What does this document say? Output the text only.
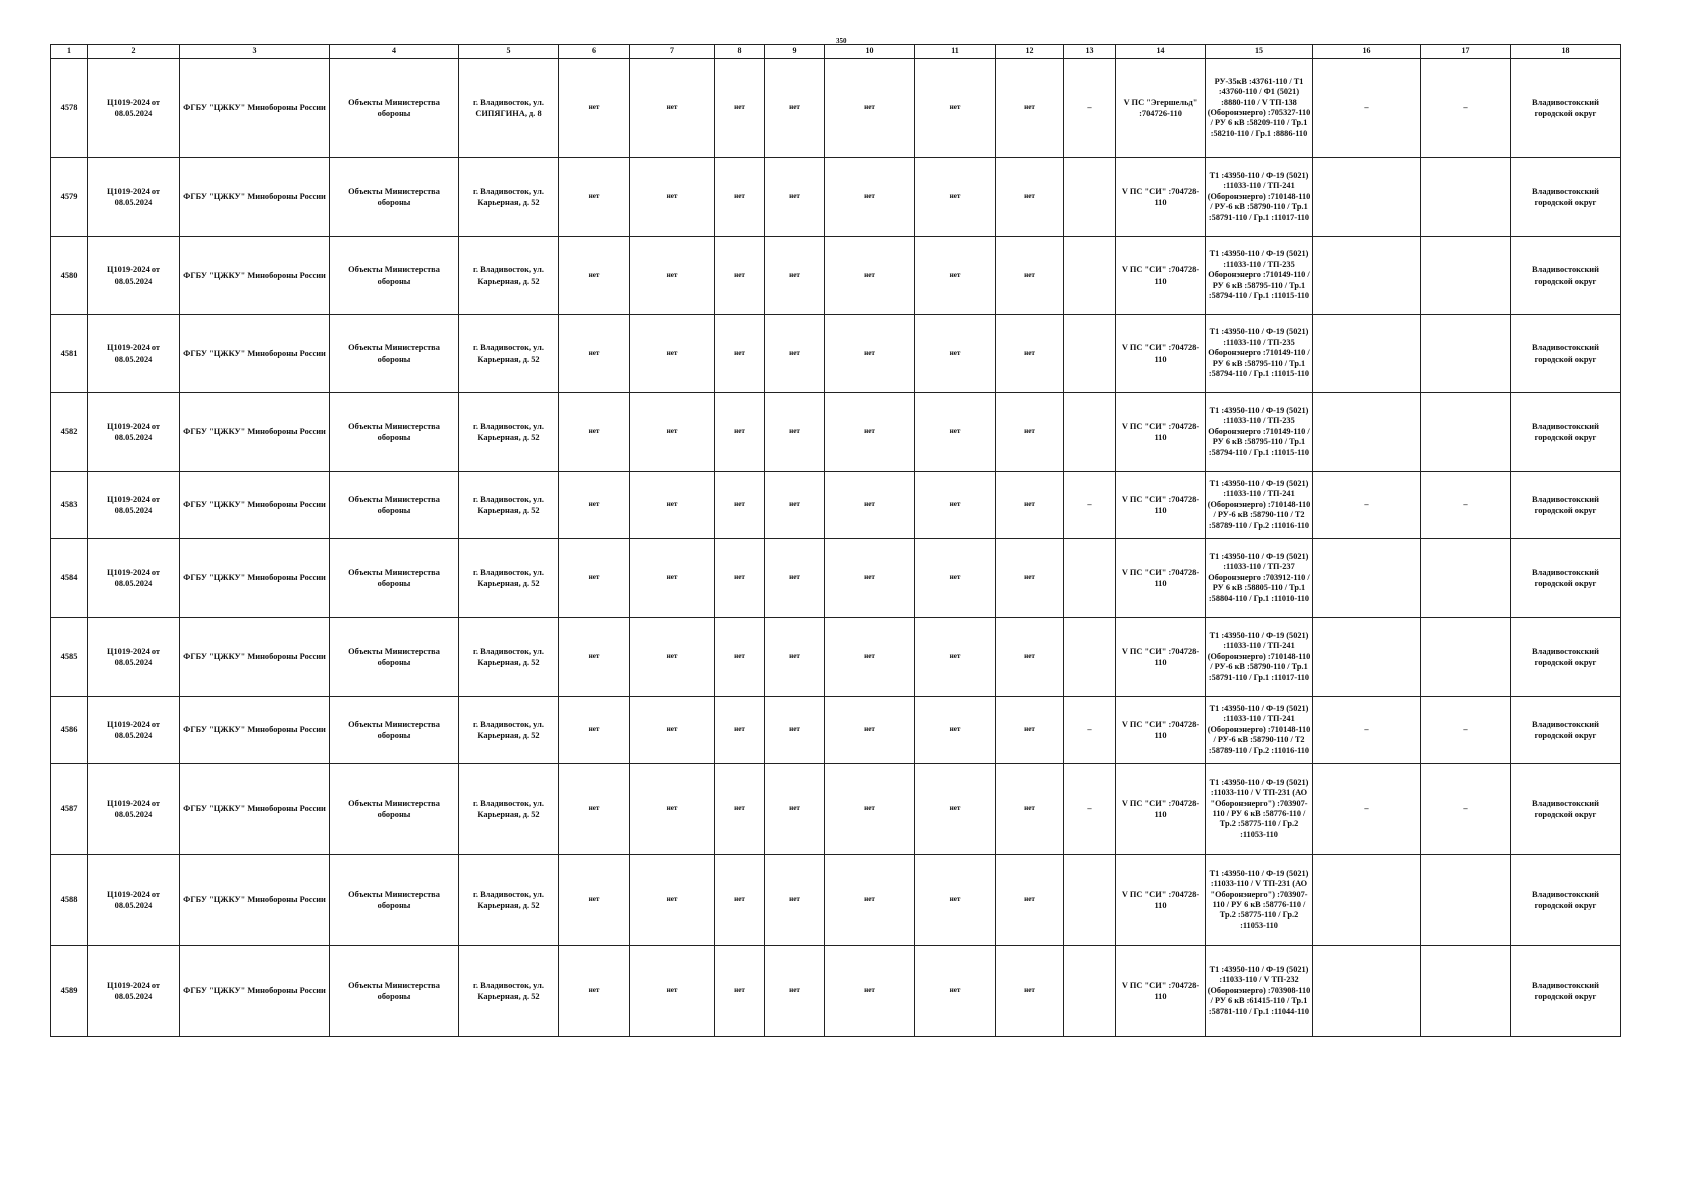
350
1	2	3	4	5	6	7	8	9	10	11	12	13	14	15	16	17	18
4578	Ц1019-2024 от 08.05.2024	ФГБУ "ЦЖКУ" Минобороны России	Объекты Министерства обороны	г. Владивосток, ул. СИПЯГИНА, д. 8	нет	нет	нет	нет	нет	нет	нет	–	V ПС "Эгершельд" :704726-110	РУ-35кВ :43761-110 / Т1 :43760-110 / Ф1 (5021) :8880-110 / V ТП-138 (Оборонэнерго) :705327-110 / РУ 6 кВ :58209-110 / Тр.1 :58210-110 / Гр.1 :8886-110	–	–	Владивостокский городской округ
4579	Ц1019-2024 от 08.05.2024	ФГБУ "ЦЖКУ" Минобороны России	Объекты Министерства обороны	г. Владивосток, ул. Карьерная, д. 52	нет	нет	нет	нет	нет	нет	нет		V ПС "СИ" :704728-110	Т1 :43950-110 / Ф-19 (5021) :11033-110 / ТП-241 (Оборонэнерго) :710148-110 / РУ-6 кВ :58790-110 / Тр.1 :58791-110 / Гр.1 :11017-110			Владивостокский городской округ
4580	Ц1019-2024 от 08.05.2024	ФГБУ "ЦЖКУ" Минобороны России	Объекты Министерства обороны	г. Владивосток, ул. Карьерная, д. 52	нет	нет	нет	нет	нет	нет	нет		V ПС "СИ" :704728-110	Т1 :43950-110 / Ф-19 (5021) :11033-110 / ТП-235 Оборонэнерго :710149-110 / РУ 6 кВ :58795-110 / Тр.1 :58794-110 / Гр.1 :11015-110			Владивостокский городской округ
4581	Ц1019-2024 от 08.05.2024	ФГБУ "ЦЖКУ" Минобороны России	Объекты Министерства обороны	г. Владивосток, ул. Карьерная, д. 52	нет	нет	нет	нет	нет	нет	нет		V ПС "СИ" :704728-110	Т1 :43950-110 / Ф-19 (5021) :11033-110 / ТП-235 Оборонэнерго :710149-110 / РУ 6 кВ :58795-110 / Тр.1 :58794-110 / Гр.1 :11015-110			Владивостокский городской округ
4582	Ц1019-2024 от 08.05.2024	ФГБУ "ЦЖКУ" Минобороны России	Объекты Министерства обороны	г. Владивосток, ул. Карьерная, д. 52	нет	нет	нет	нет	нет	нет	нет		V ПС "СИ" :704728-110	Т1 :43950-110 / Ф-19 (5021) :11033-110 / ТП-235 Оборонэнерго :710149-110 / РУ 6 кВ :58795-110 / Тр.1 :58794-110 / Гр.1 :11015-110			Владивостокский городской округ
4583	Ц1019-2024 от 08.05.2024	ФГБУ "ЦЖКУ" Минобороны России	Объекты Министерства обороны	г. Владивосток, ул. Карьерная, д. 52	нет	нет	нет	нет	нет	нет	нет	–	V ПС "СИ" :704728-110	Т1 :43950-110 / Ф-19 (5021) :11033-110 / ТП-241 (Оборонэнерго) :710148-110 / РУ-6 кВ :58790-110 / Т2 :58789-110 / Гр.2 :11016-110	–	–	Владивостокский городской округ
4584	Ц1019-2024 от 08.05.2024	ФГБУ "ЦЖКУ" Минобороны России	Объекты Министерства обороны	г. Владивосток, ул. Карьерная, д. 52	нет	нет	нет	нет	нет	нет	нет		V ПС "СИ" :704728-110	Т1 :43950-110 / Ф-19 (5021) :11033-110 / ТП-237 Оборонэнерго :703912-110 / РУ 6 кВ :58805-110 / Тр.1 :58804-110 / Гр.1 :11010-110			Владивостокский городской округ
4585	Ц1019-2024 от 08.05.2024	ФГБУ "ЦЖКУ" Минобороны России	Объекты Министерства обороны	г. Владивосток, ул. Карьерная, д. 52	нет	нет	нет	нет	нет	нет	нет		V ПС "СИ" :704728-110	Т1 :43950-110 / Ф-19 (5021) :11033-110 / ТП-241 (Оборонэнерго) :710148-110 / РУ-6 кВ :58790-110 / Тр.1 :58791-110 / Гр.1 :11017-110			Владивостокский городской округ
4586	Ц1019-2024 от 08.05.2024	ФГБУ "ЦЖКУ" Минобороны России	Объекты Министерства обороны	г. Владивосток, ул. Карьерная, д. 52	нет	нет	нет	нет	нет	нет	нет	–	V ПС "СИ" :704728-110	Т1 :43950-110 / Ф-19 (5021) :11033-110 / ТП-241 (Оборонэнерго) :710148-110 / РУ-6 кВ :58790-110 / Т2 :58789-110 / Гр.2 :11016-110	–	–	Владивостокский городской округ
4587	Ц1019-2024 от 08.05.2024	ФГБУ "ЦЖКУ" Минобороны России	Объекты Министерства обороны	г. Владивосток, ул. Карьерная, д. 52	нет	нет	нет	нет	нет	нет	нет	–	V ПС "СИ" :704728-110	Т1 :43950-110 / Ф-19 (5021) :11033-110 / V ТП-231 (АО "Оборонэнерго") :703907-110 / РУ 6 кВ :58776-110 / Тр.2 :58775-110 / Гр.2 :11053-110	–	–	Владивостокский городской округ
4588	Ц1019-2024 от 08.05.2024	ФГБУ "ЦЖКУ" Минобороны России	Объекты Министерства обороны	г. Владивосток, ул. Карьерная, д. 52	нет	нет	нет	нет	нет	нет	нет		V ПС "СИ" :704728-110	Т1 :43950-110 / Ф-19 (5021) :11033-110 / V ТП-231 (АО "Оборонэнерго") :703907-110 / РУ 6 кВ :58776-110 / Тр.2 :58775-110 / Гр.2 :11053-110			Владивостокский городской округ
4589	Ц1019-2024 от 08.05.2024	ФГБУ "ЦЖКУ" Минобороны России	Объекты Министерства обороны	г. Владивосток, ул. Карьерная, д. 52	нет	нет	нет	нет	нет	нет	нет		V ПС "СИ" :704728-110	Т1 :43950-110 / Ф-19 (5021) :11033-110 / V ТП-232 (Оборонэнерго) :703908-110 / РУ 6 кВ :61415-110 / Тр.1 :58781-110 / Гр.1 :11044-110			Владивостокский городской округ
